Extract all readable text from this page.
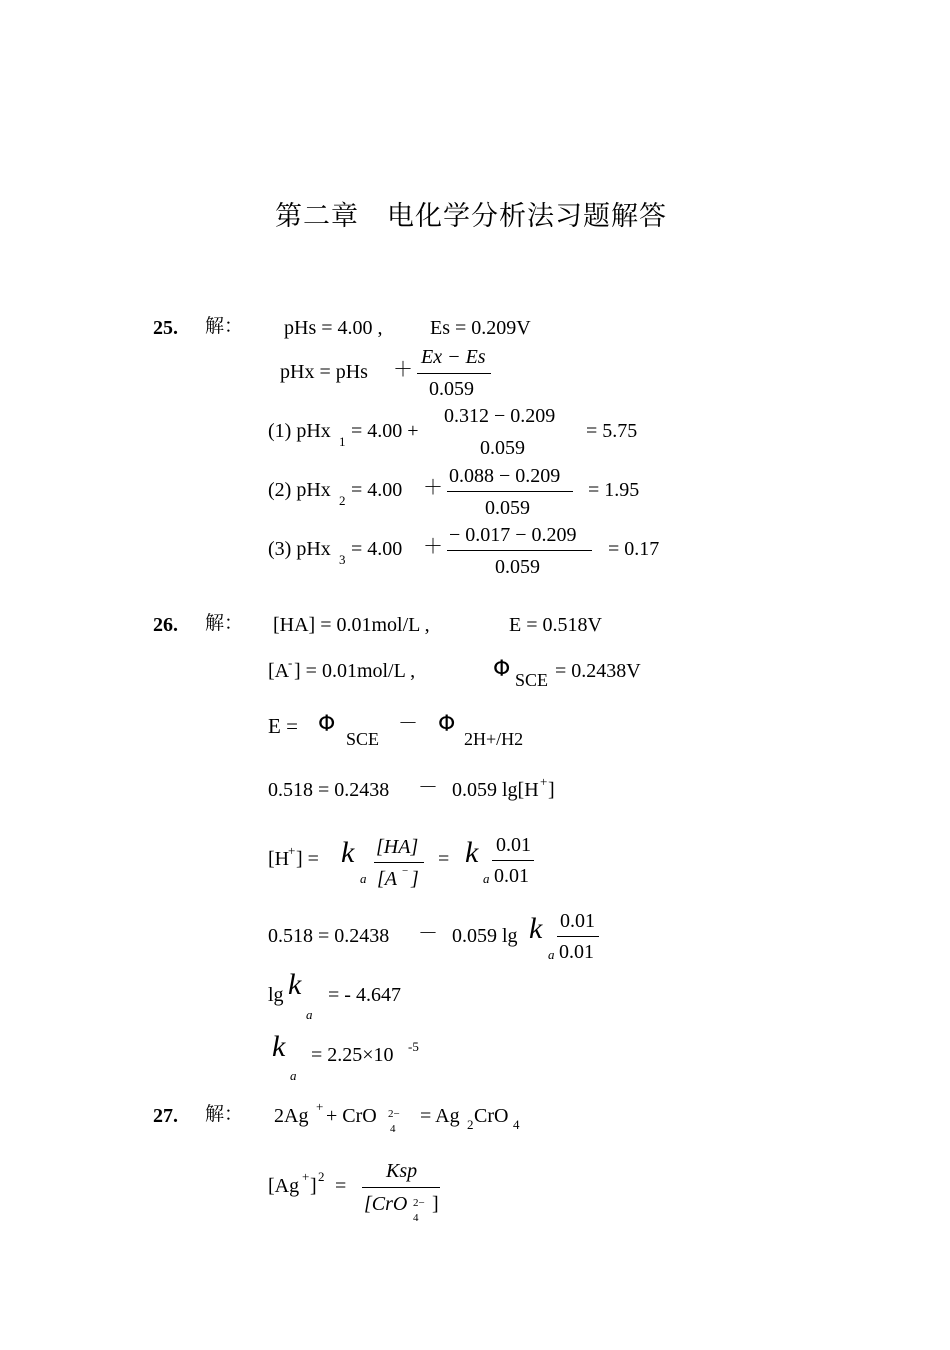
第二章　电化学分析法习题解答
25. 解： pHs = 4.00 , Es = 0.209V
pHx = pHs ＋
Ex − Es
0.059
(1) pHx 1 = 4.00 +
0.312 − 0.209
0.059
= 5.75
(2) pHx 2 = 4.00 ＋
0.088 − 0.209
0.059
= 1.95
(3) pHx 3 = 4.00 ＋
− 0.017 − 0.209
0.059
= 0.17
26. 解： [HA] = 0.01mol/L ,	E = 0.518V
[A
- ] = 0.01mol/L ,	Φ SCE = 0.2438V
E = Φ
SCE
－ Φ
2H+/H2
0.518 = 0.2438 － 0.059 lg[H + ]
[H
+ ] = k
a
[HA]
[A − ]
= k
a
0.01
0.01
0.518 = 0.2438 － 0.059 lg k
a
0.01
0.01
lg k
a
= - 4.647
k
a
= 2.25×10 -5
27. 解： 2Ag + + CrO 2−
4
= Ag 2 CrO 4
[Ag + ] 2 =
Ksp
[CrO 2−
4
]
